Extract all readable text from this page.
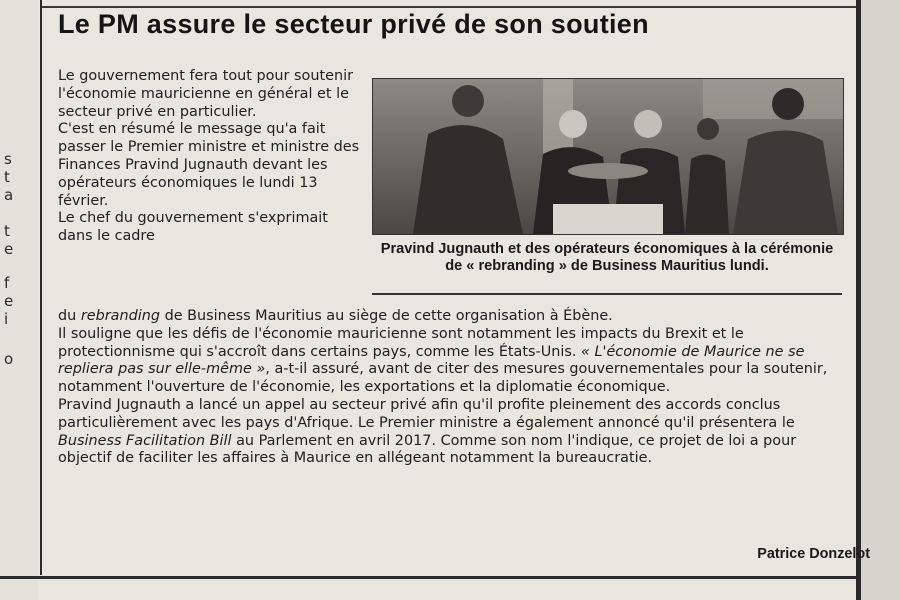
s
t
a
t
e
f
e
i
o
Le PM assure le secteur privé de son soutien

Le gouvernement fera tout pour soutenir l'économie mauricienne en général et le secteur privé en particulier.

C'est en résumé le message qu'a fait passer le Premier ministre et ministre des Finances Pravind Jugnauth devant les opérateurs économiques le lundi 13 février.

Le chef du gouvernement s'exprimait dans le cadre

du rebranding de Business Mauritius au siège de cette organisation à Ébène.

Il souligne que les défis de l'économie mauricienne sont notamment les impacts du Brexit et le protectionnisme qui s'accroît dans certains pays, comme les États-Unis. « L'économie de Maurice ne se repliera pas sur elle-même », a-t-il assuré, avant de citer des mesures gouvernementales pour la soutenir, notamment l'ouverture de l'économie, les exportations et la diplomatie économique.

Pravind Jugnauth a lancé un appel au secteur privé afin qu'il profite pleinement des accords conclus particulièrement avec les pays d'Afrique. Le Premier ministre a également annoncé qu'il présentera le Business Facilitation Bill au Parlement en avril 2017. Comme son nom l'indique, ce projet de loi a pour objectif de faciliter les affaires à Maurice en allégeant notamment la bureaucratie.

Pravind Jugnauth et des opérateurs économiques à la cérémonie de « rebranding » de Business Mauritius lundi.
Patrice Donzelot
